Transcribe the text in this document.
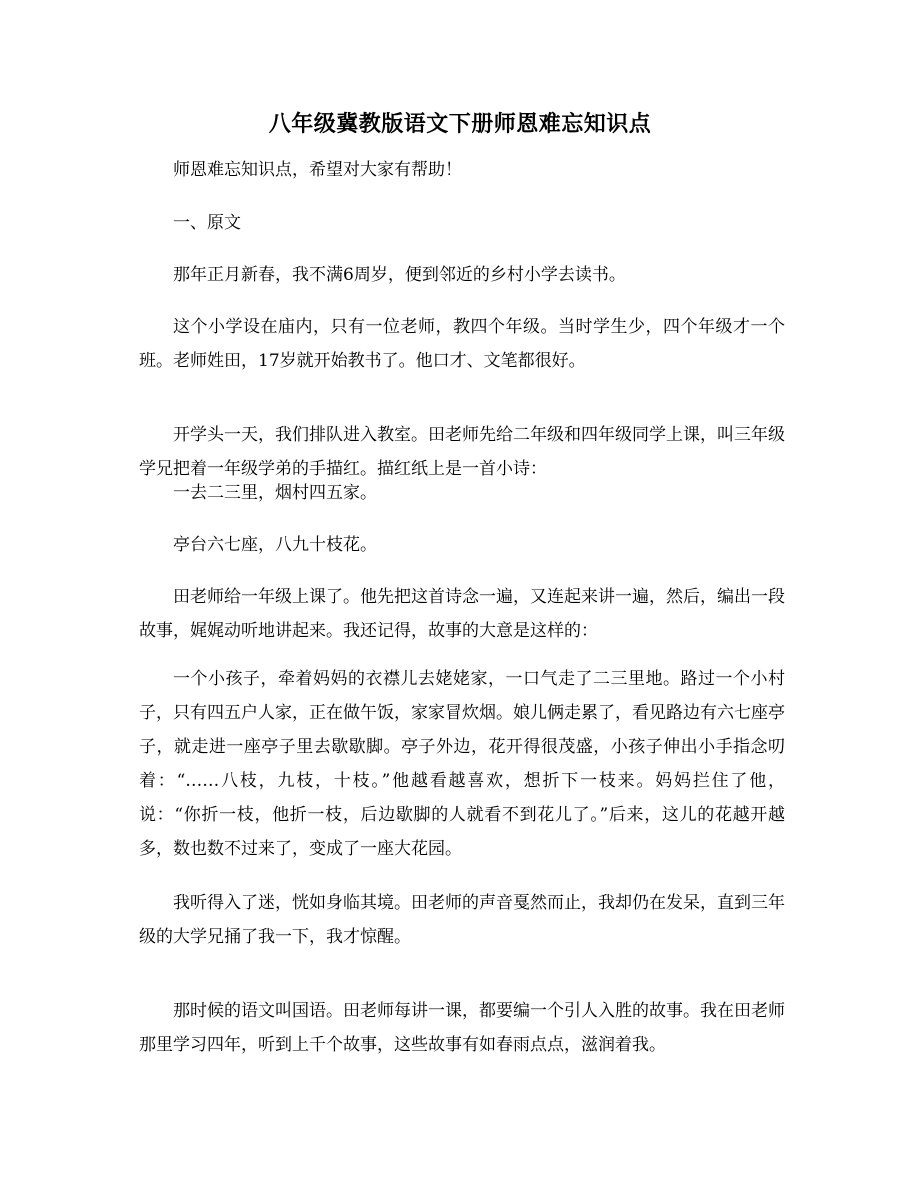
八年级冀教版语文下册师恩难忘知识点

师恩难忘知识点，希望对大家有帮助！

一、原文

那年正月新春，我不满6周岁，便到邻近的乡村小学去读书。

这个小学设在庙内，只有一位老师，教四个年级。当时学生少，四个年级才一个班。老师姓田，17岁就开始教书了。他口才、文笔都很好。

开学头一天，我们排队进入教室。田老师先给二年级和四年级同学上课，叫三年级学兄把着一年级学弟的手描红。描红纸上是一首小诗：

一去二三里，烟村四五家。

亭台六七座，八九十枝花。

田老师给一年级上课了。他先把这首诗念一遍，又连起来讲一遍，然后，编出一段故事，娓娓动听地讲起来。我还记得，故事的大意是这样的：

一个小孩子，牵着妈妈的衣襟儿去姥姥家，一口气走了二三里地。路过一个小村子，只有四五户人家，正在做午饭，家家冒炊烟。娘儿俩走累了，看见路边有六七座亭子，就走进一座亭子里去歇歇脚。亭子外边，花开得很茂盛，小孩子伸出小手指念叨着：“……八枝，九枝，十枝。”他越看越喜欢，想折下一枝来。妈妈拦住了他，说：“你折一枝，他折一枝，后边歇脚的人就看不到花儿了。”后来，这儿的花越开越多，数也数不过来了，变成了一座大花园。

我听得入了迷，恍如身临其境。田老师的声音戛然而止，我却仍在发呆，直到三年级的大学兄捅了我一下，我才惊醒。

那时候的语文叫国语。田老师每讲一课，都要编一个引人入胜的故事。我在田老师那里学习四年，听到上千个故事，这些故事有如春雨点点，滋润着我。
